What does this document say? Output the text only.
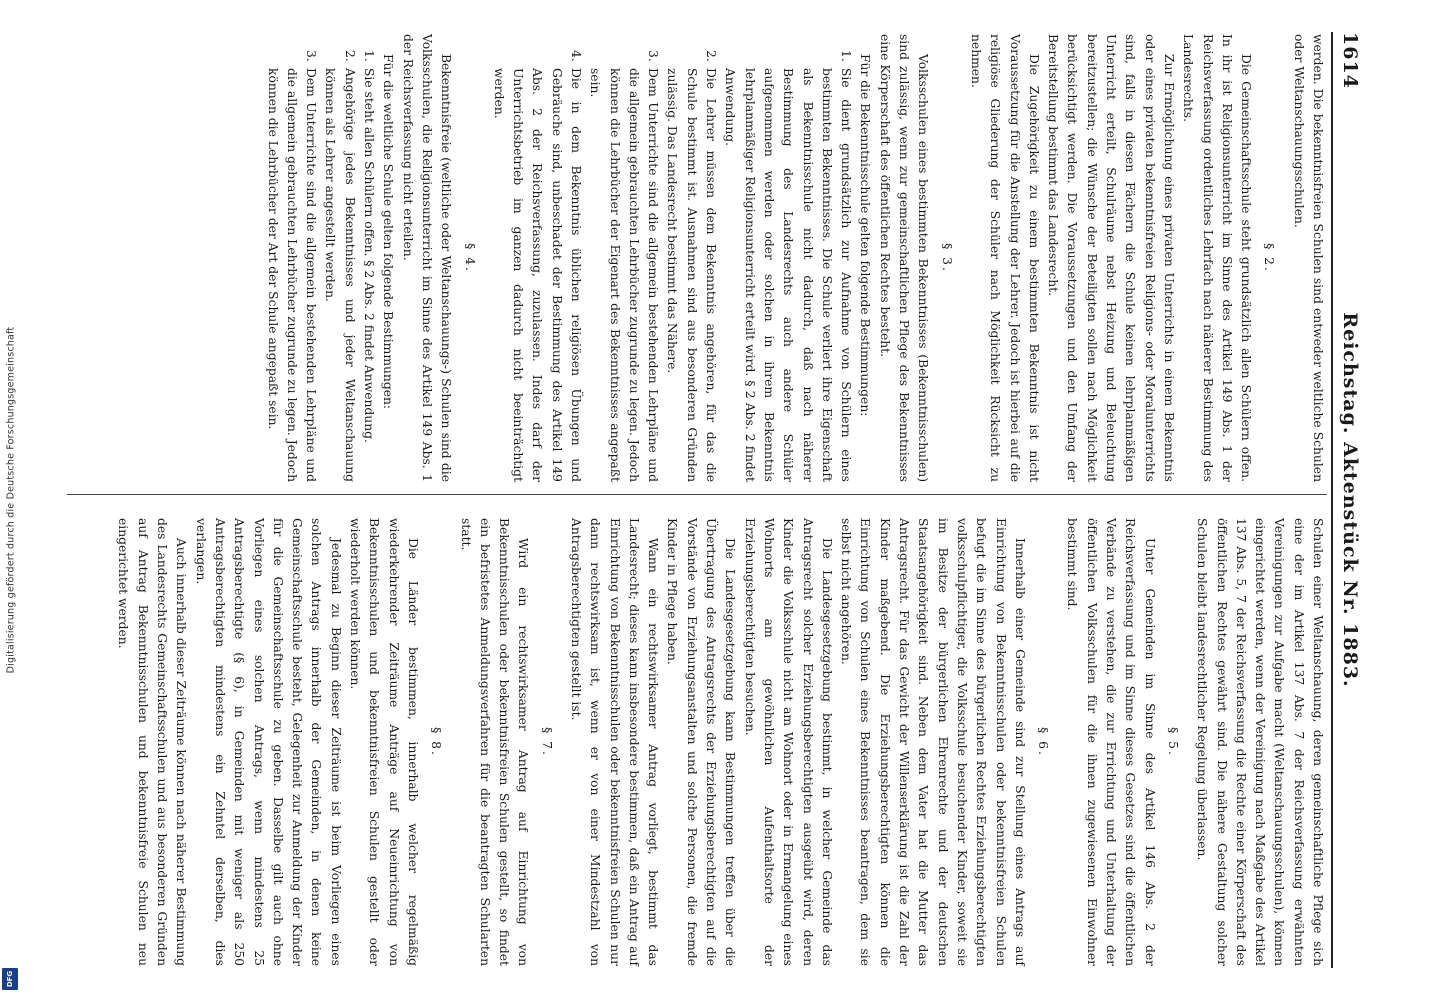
Digitalisierung gefördert durch die Deutsche Forschungsgemeinschaft
DFG
1614
Reichstag. Aktenstück Nr. 1883.

werden. Die bekenntnisfreien Schulen sind entweder weltliche Schulen oder Weltanschauungsschulen.

§ 2.

Die Gemeinschaftsschule steht grundsätzlich allen Schülern offen. In ihr ist Religionsunterricht im Sinne des Artikel 149 Abs. 1 der Reichsverfassung ordentliches Lehrfach nach näherer Bestimmung des Landesrechts.

Zur Ermöglichung eines privaten Unterrichts in einem Bekenntnis oder eines privaten bekenntnisfreien Religions- oder Moralunterrichts sind, falls in diesen Fächern die Schule keinen lehrplanmäßigen Unterricht erteilt, Schulräume nebst Heizung und Beleuchtung bereitzustellen; die Wünsche der Beteiligten sollen nach Möglichkeit berücksichtigt werden. Die Voraussetzungen und den Umfang der Bereitstellung bestimmt das Landesrecht.

Die Zugehörigkeit zu einem bestimmten Bekenntnis ist nicht Voraussetzung für die Anstellung der Lehrer. Jedoch ist hierbei auf die religiöse Gliederung der Schüler nach Möglichkeit Rücksicht zu nehmen.

§ 3.

Volksschulen eines bestimmten Bekenntnisses (Bekenntnisschulen) sind zulässig, wenn zur gemeinschaftlichen Pflege des Bekenntnisses eine Körperschaft des öffentlichen Rechtes besteht.

Für die Bekenntnisschule gelten folgende Bestimmungen:

1.Sie dient grundsätzlich zur Aufnahme von Schülern eines bestimmten Bekenntnisses. Die Schule verliert ihre Eigenschaft als Bekenntnisschule nicht dadurch, daß nach näherer Bestimmung des Landesrechts auch andere Schüler aufgenommen werden oder solchen in ihrem Bekenntnis lehrplanmäßiger Religionsunterricht erteilt wird. § 2 Abs. 2 findet Anwendung.

2.Die Lehrer müssen dem Bekenntnis angehören, für das die Schule bestimmt ist. Ausnahmen sind aus besonderen Gründen zulässig. Das Landesrecht bestimmt das Nähere.

3.Dem Unterrichte sind die allgemein bestehenden Lehrpläne und die allgemein gebrauchten Lehrbücher zugrunde zu legen. Jedoch können die Lehrbücher der Eigenart des Bekenntnisses angepaßt sein.

4.Die in dem Bekenntnis üblichen religiösen Übungen und Gebräuche sind, unbeschadet der Bestimmung des Artikel 149 Abs. 2 der Reichsverfassung, zuzulassen. Indes darf der Unterrichtsbetrieb im ganzen dadurch nicht beeinträchtigt werden.

§ 4.

Bekenntnisfreie (weltliche oder Weltanschauungs-) Schulen sind die Volksschulen, die Religionsunterricht im Sinne des Artikel 149 Abs. 1 der Reichsverfassung nicht erteilen.

Für die weltliche Schule gelten folgende Bestimmungen:

1.Sie steht allen Schülern offen. § 2 Abs. 2 findet Anwendung.

2.Angehörige jedes Bekenntnisses und jeder Weltanschauung können als Lehrer angestellt werden.

3.Dem Unterrichte sind die allgemein bestehenden Lehrpläne und die allgemein gebrauchten Lehrbücher zugrunde zu legen. Jedoch können die Lehrbücher der Art der Schule angepaßt sein.

Schulen einer Weltanschauung, deren gemeinschaftliche Pflege sich eine der im Artikel 137 Abs. 7 der Reichsverfassung erwähnten Vereinigungen zur Aufgabe macht (Weltanschauungsschulen), können eingerichtet werden, wenn der Vereinigung nach Maßgabe des Artikel 137 Abs. 5, 7 der Reichsverfassung die Rechte einer Körperschaft des öffentlichen Rechtes gewährt sind. Die nähere Gestaltung solcher Schulen bleibt landesrechtlicher Regelung überlassen.

§ 5.

Unter Gemeinden im Sinne des Artikel 146 Abs. 2 der Reichsverfassung und im Sinne dieses Gesetzes sind die öffentlichen Verbände zu verstehen, die zur Errichtung und Unterhaltung der öffentlichen Volksschulen für die ihnen zugewiesenen Einwohner bestimmt sind.

§ 6.

Innerhalb einer Gemeinde sind zur Stellung eines Antrags auf Einrichtung von Bekenntnisschulen oder bekenntnisfreien Schulen befugt die im Sinne des bürgerlichen Rechtes Erziehungsberechtigten volksschulpflichtiger, die Volksschule besuchender Kinder, soweit sie im Besitze der bürgerlichen Ehrenrechte und der deutschen Staatsangehörigkeit sind. Neben dem Vater hat die Mutter das Antragsrecht. Für das Gewicht der Willenserklärung ist die Zahl der Kinder maßgebend. Die Erziehungsberechtigten können die Einrichtung von Schulen eines Bekenntnisses beantragen, dem sie selbst nicht angehören.

Die Landesgesetzgebung bestimmt, in welcher Gemeinde das Antragsrecht solcher Erziehungsberechtigten ausgeübt wird, deren Kinder die Volksschule nicht am Wohnort oder in Ermangelung eines Wohnorts am gewöhnlichen Aufenthaltsorte der Erziehungsberechtigten besuchen.

Die Landesgesetzgebung kann Bestimmungen treffen über die Übertragung des Antragsrechts der Erziehungsberechtigten auf die Vorstände von Erziehungsanstalten und solche Personen, die fremde Kinder in Pflege haben.

Wann ein rechtswirksamer Antrag vorliegt, bestimmt das Landesrecht; dieses kann insbesondere bestimmen, daß ein Antrag auf Einrichtung von Bekenntnisschulen oder bekenntnisfreien Schulen nur dann rechtswirksam ist, wenn er von einer Mindestzahl von Antragsberechtigten gestellt ist.

§ 7.

Wird ein rechtswirksamer Antrag auf Einrichtung von Bekenntnisschulen oder bekenntnisfreien Schulen gestellt, so findet ein befristetes Anmeldungsverfahren für die beantragten Schularten statt.

§ 8.

Die Länder bestimmen, innerhalb welcher regelmäßig wiederkehrender Zeiträume Anträge auf Neueinrichtung von Bekenntnisschulen und bekenntnisfreien Schulen gestellt oder wiederholt werden können.

Jedesmal zu Beginn dieser Zeiträume ist beim Vorliegen eines solchen Antrags innerhalb der Gemeinden, in denen keine Gemeinschaftsschule besteht, Gelegenheit zur Anmeldung der Kinder für die Gemeinschaftsschule zu geben. Dasselbe gilt auch ohne Vorliegen eines solchen Antrags, wenn mindestens 25 Antragsberechtigte (§ 6), in Gemeinden mit weniger als 250 Antragsberechtigten mindestens ein Zehntel derselben, dies verlangen.

Auch innerhalb dieser Zeiträume können nach näherer Bestimmung des Landesrechts Gemeinschaftsschulen und aus besonderen Gründen auf Antrag Bekenntnisschulen und bekenntnisfreie Schulen neu eingerichtet werden.
